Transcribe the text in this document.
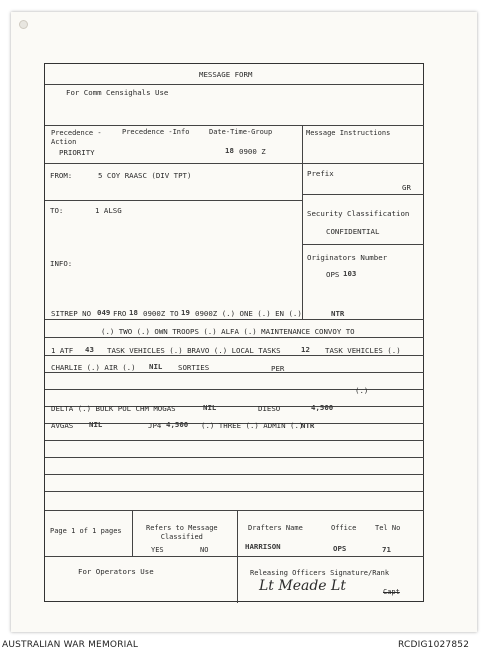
MESSAGE FORM
For Comm Censighals Use
Precedence -
Action
PRIORITY
Precedence -Info	Date-Time-Group
18 0900 Z
Message Instructions
FROM:	5 COY RAASC (DIV TPT)	Prefix
GR
TO:	1 ALSG	Security Classification
CONFIDENTIAL
INFO:
Originators Number
OPS 103
SITREP NO 049 FRO 18 0900Z TO 19 0900Z (.) ONE (.) EN (.)	NTR
(.) TWO (.) OWN TROOPS (.) ALFA (.) MAINTENANCE CONVOY TO
1 ATF 43 TASK VEHICLES (.) BRAVO (.) LOCAL TASKS	12 TASK VEHICLES (.)
CHARLIE (.) AIR (.) NIL SORTIES	PER
(.)
DELTA (.) BULK POL CHM MOGAS	NIL	DIESO	4,500
AVGAS NIL	JP4 4,500 (.) THREE (.) ADMIN (.)
NTR
Page 1 of 1 pages	Refers to Message
Classified
YES	NO
Drafters Name
HARRISON
Office
OPS
Tel No
71
For Operators Use	Releasing Officers Signature/Rank
Lt Meade Lt	Capt
AUSTRALIAN WAR MEMORIAL	RCDIG1027852
